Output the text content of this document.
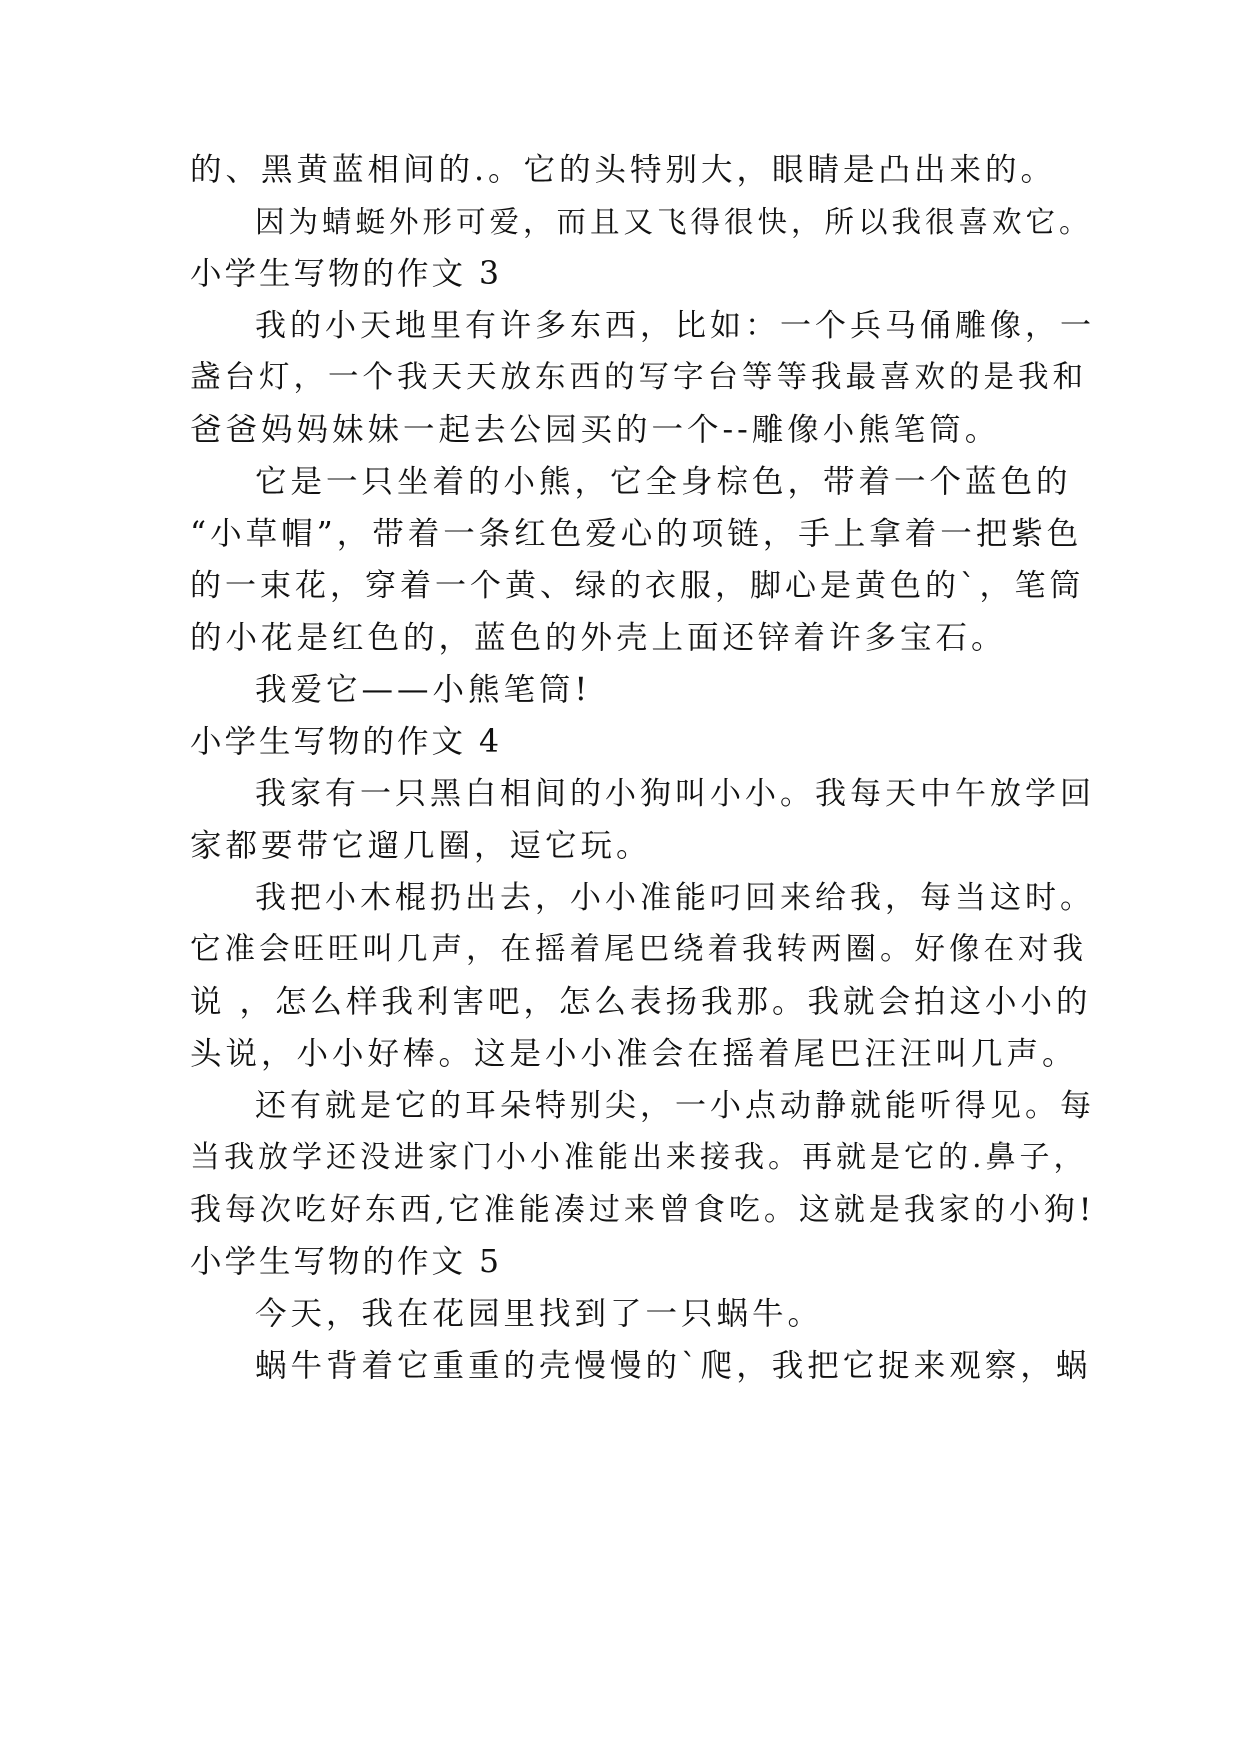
的、黑黄蓝相间的.。它的头特别大，眼睛是凸出来的。

因为蜻蜓外形可爱，而且又飞得很快，所以我很喜欢它。

小学生写物的作文 3

我的小天地里有许多东西，比如：一个兵马俑雕像，一

盏台灯，一个我天天放东西的写字台等等我最喜欢的是我和

爸爸妈妈妹妹一起去公园买的一个--雕像小熊笔筒。

它是一只坐着的小熊，它全身棕色，带着一个蓝色的

“小草帽”，带着一条红色爱心的项链，手上拿着一把紫色

的一束花，穿着一个黄、绿的衣服，脚心是黄色的`，笔筒

的小花是红色的，蓝色的外壳上面还锌着许多宝石。

我爱它——小熊笔筒!

小学生写物的作文 4

我家有一只黑白相间的小狗叫小小。我每天中午放学回

家都要带它遛几圈，逗它玩。

我把小木棍扔出去，小小准能叼回来给我，每当这时。

它准会旺旺叫几声，在摇着尾巴绕着我转两圈。好像在对我

说 ，怎么样我利害吧，怎么表扬我那。我就会拍这小小的

头说，小小好棒。这是小小准会在摇着尾巴汪汪叫几声。

还有就是它的耳朵特别尖，一小点动静就能听得见。每

当我放学还没进家门小小准能出来接我。再就是它的.鼻子，

我每次吃好东西,它准能凑过来曾食吃。这就是我家的小狗!

小学生写物的作文 5

今天，我在花园里找到了一只蜗牛。

蜗牛背着它重重的壳慢慢的`爬，我把它捉来观察，蜗
